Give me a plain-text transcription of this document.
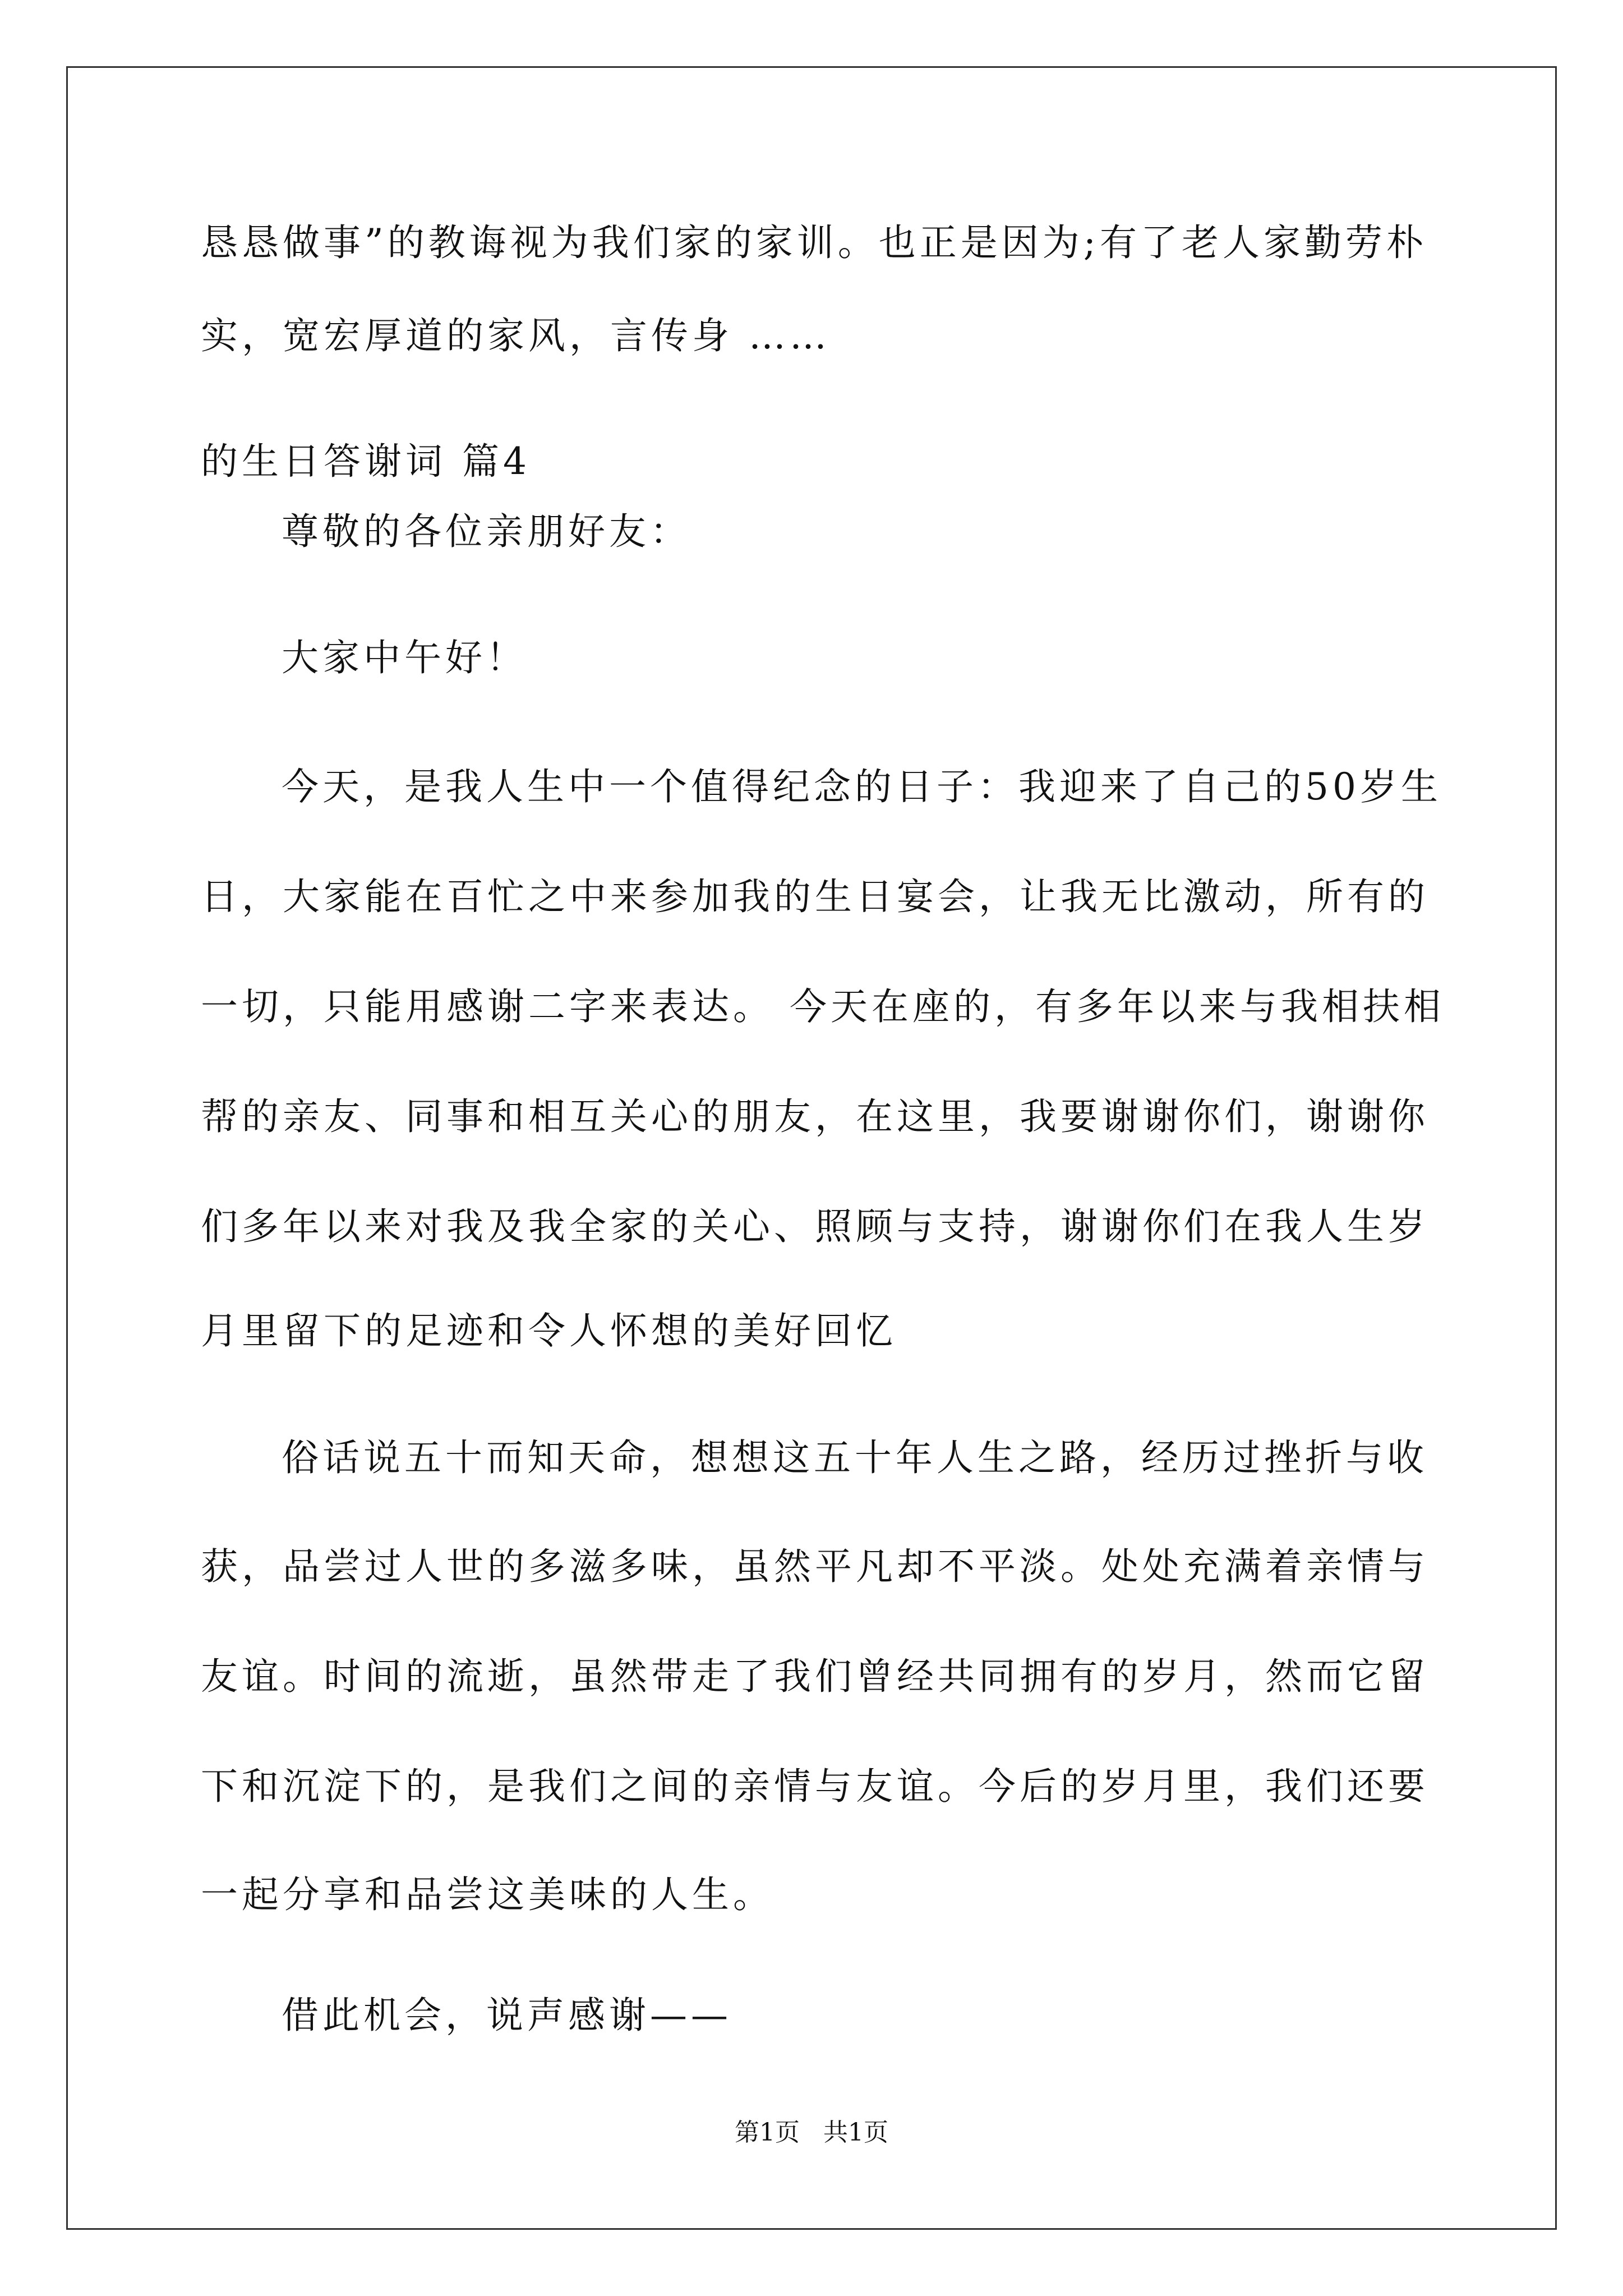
恳恳做事”的教诲视为我们家的家训。也正是因为;有了老人家勤劳朴

实，宽宏厚道的家风，言传身 ……

的生日答谢词 篇4

尊敬的各位亲朋好友：

大家中午好！

今天，是我人生中一个值得纪念的日子：我迎来了自己的50岁生

日，大家能在百忙之中来参加我的生日宴会，让我无比激动，所有的

一切，只能用感谢二字来表达。 今天在座的，有多年以来与我相扶相

帮的亲友、同事和相互关心的朋友，在这里，我要谢谢你们，谢谢你

们多年以来对我及我全家的关心、照顾与支持，谢谢你们在我人生岁

月里留下的足迹和令人怀想的美好回忆

俗话说五十而知天命，想想这五十年人生之路，经历过挫折与收

获，品尝过人世的多滋多味，虽然平凡却不平淡。处处充满着亲情与

友谊。时间的流逝，虽然带走了我们曾经共同拥有的岁月，然而它留

下和沉淀下的，是我们之间的亲情与友谊。今后的岁月里，我们还要

一起分享和品尝这美味的人生。

借此机会，说声感谢——

第1页   共1页
